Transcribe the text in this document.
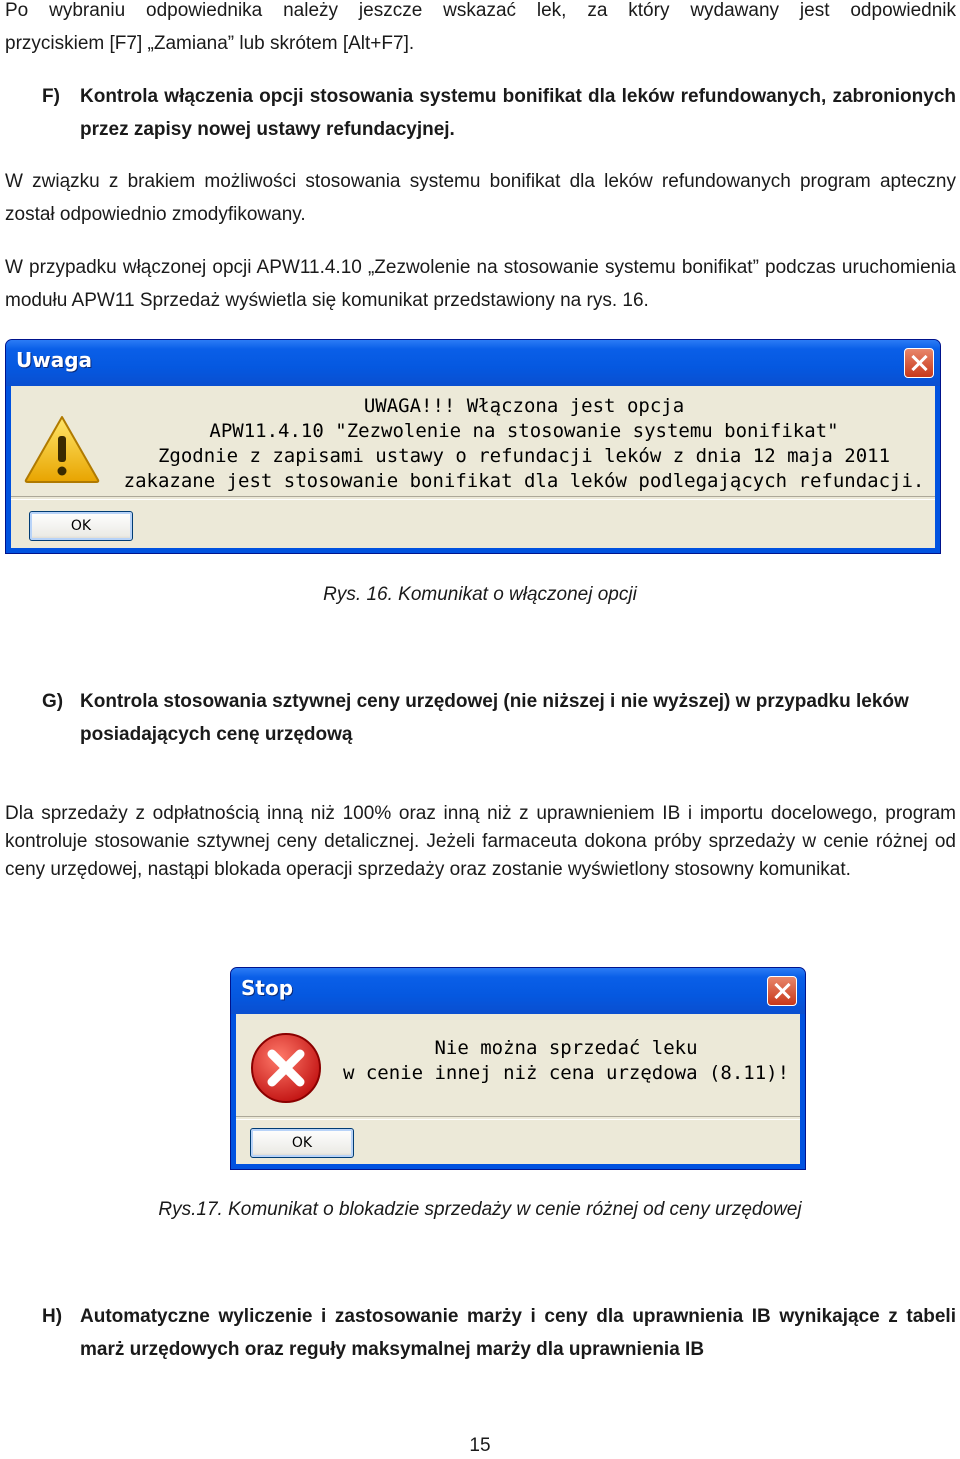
Po wybraniu odpowiednika należy jeszcze wskazać lek, za który wydawany jest odpowiednik

przyciskiem [F7] „Zamiana” lub skrótem [Alt+F7].

F) Kontrola włączenia opcji stosowania systemu bonifikat dla leków refundowanych, zabronionych przez zapisy nowej ustawy refundacyjnej.

W związku z brakiem możliwości stosowania systemu bonifikat dla leków refundowanych program apteczny został odpowiednio zmodyfikowany.

W przypadku włączonej opcji APW11.4.10 „Zezwolenie na stosowanie systemu bonifikat” podczas uruchomienia modułu APW11 Sprzedaż wyświetla się komunikat przedstawiony na rys. 16.

Uwaga
UWAGA!!! Włączona jest opcja
APW11.4.10 "Zezwolenie na stosowanie systemu bonifikat"
Zgodnie z zapisami ustawy o refundacji leków z dnia 12 maja 2011
zakazane jest stosowanie bonifikat dla leków podlegających refundacji.
OK
Rys. 16. Komunikat o włączonej opcji
G) Kontrola stosowania sztywnej ceny urzędowej (nie niższej i nie wyższej) w przypadku leków posiadających cenę urzędową

Dla sprzedaży z odpłatnością inną niż 100% oraz inną niż z uprawnieniem IB i importu docelowego, program kontroluje stosowanie sztywnej ceny detalicznej. Jeżeli farmaceuta dokona próby sprzedaży w cenie różnej od ceny urzędowej, nastąpi blokada operacji sprzedaży oraz zostanie wyświetlony stosowny komunikat.

Stop
Nie można sprzedać leku
w cenie innej niż cena urzędowa (8.11)!
OK
Rys.17. Komunikat o blokadzie sprzedaży w cenie różnej od ceny urzędowej
H) Automatyczne wyliczenie i zastosowanie marży i ceny dla uprawnienia IB wynikające z tabeli marż urzędowych oraz reguły maksymalnej marży dla uprawnienia IB
15
